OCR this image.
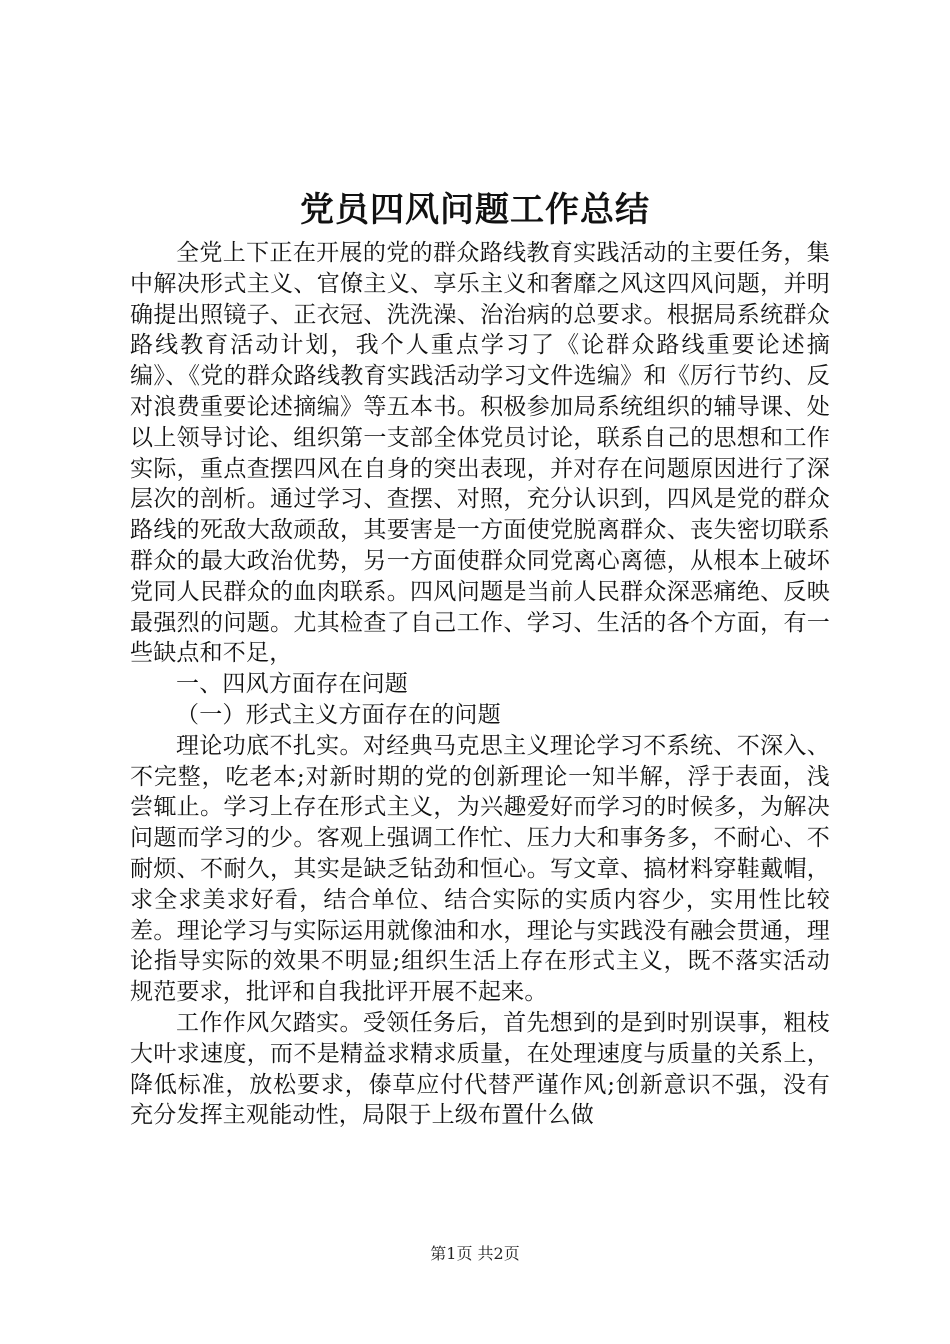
党员四风问题工作总结

全党上下正在开展的党的群众路线教育实践活动的主要任务，集中解决形式主义、官僚主义、享乐主义和奢靡之风这四风问题，并明确提出照镜子、正衣冠、洗洗澡、治治病的总要求。根据局系统群众路线教育活动计划，我个人重点学习了《论群众路线重要论述摘编》、《党的群众路线教育实践活动学习文件选编》和《厉行节约、反对浪费重要论述摘编》等五本书。积极参加局系统组织的辅导课、处以上领导讨论、组织第一支部全体党员讨论，联系自己的思想和工作实际，重点查摆四风在自身的突出表现，并对存在问题原因进行了深层次的剖析。通过学习、查摆、对照，充分认识到，四风是党的群众路线的死敌大敌顽敌，其要害是一方面使党脱离群众、丧失密切联系群众的最大政治优势，另一方面使群众同党离心离德，从根本上破坏党同人民群众的血肉联系。四风问题是当前人民群众深恶痛绝、反映最强烈的问题。尤其检查了自己工作、学习、生活的各个方面，有一些缺点和不足，

一、四风方面存在问题

（一）形式主义方面存在的问题

理论功底不扎实。对经典马克思主义理论学习不系统、不深入、不完整，吃老本;对新时期的党的创新理论一知半解，浮于表面，浅尝辄止。学习上存在形式主义，为兴趣爱好而学习的时候多，为解决问题而学习的少。客观上强调工作忙、压力大和事务多，不耐心、不耐烦、不耐久，其实是缺乏钻劲和恒心。写文章、搞材料穿鞋戴帽，求全求美求好看，结合单位、结合实际的实质内容少，实用性比较差。理论学习与实际运用就像油和水，理论与实践没有融会贯通，理论指导实际的效果不明显;组织生活上存在形式主义，既不落实活动规范要求，批评和自我批评开展不起来。

工作作风欠踏实。受领任务后，首先想到的是到时别误事，粗枝大叶求速度，而不是精益求精求质量，在处理速度与质量的关系上，降低标准，放松要求，傣草应付代替严谨作风;创新意识不强，没有充分发挥主观能动性，局限于上级布置什么做

第1页 共2页
